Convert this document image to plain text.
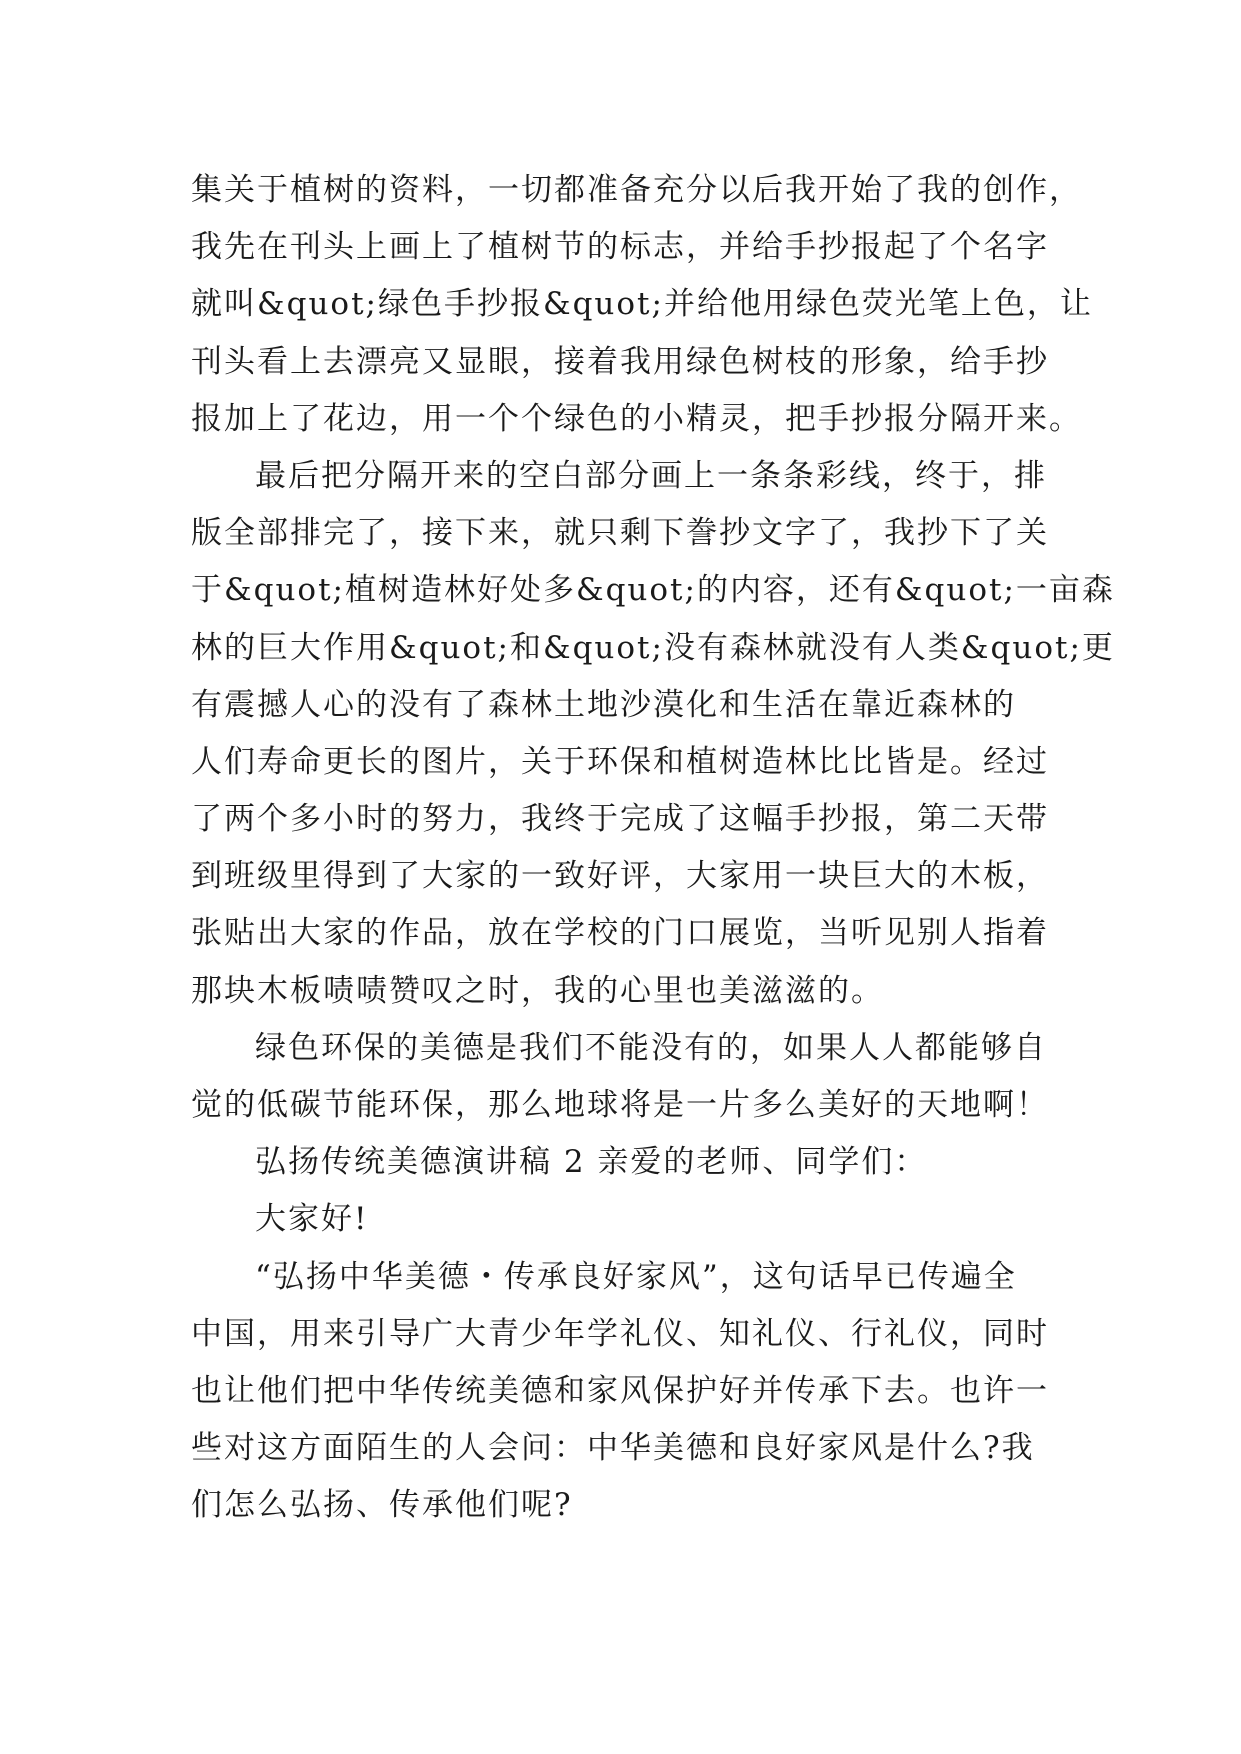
集关于植树的资料，一切都准备充分以后我开始了我的创作，
我先在刊头上画上了植树节的标志，并给手抄报起了个名字
就叫&quot;绿色手抄报&quot;并给他用绿色荧光笔上色，让
刊头看上去漂亮又显眼，接着我用绿色树枝的形象，给手抄
报加上了花边，用一个个绿色的小精灵，把手抄报分隔开来。
最后把分隔开来的空白部分画上一条条彩线，终于，排
版全部排完了，接下来，就只剩下誊抄文字了，我抄下了关
于&quot;植树造林好处多&quot;的内容，还有&quot;一亩森
林的巨大作用&quot;和&quot;没有森林就没有人类&quot;更
有震撼人心的没有了森林土地沙漠化和生活在靠近森林的
人们寿命更长的图片，关于环保和植树造林比比皆是。经过
了两个多小时的努力，我终于完成了这幅手抄报，第二天带
到班级里得到了大家的一致好评，大家用一块巨大的木板，
张贴出大家的作品，放在学校的门口展览，当听见别人指着
那块木板啧啧赞叹之时，我的心里也美滋滋的。
绿色环保的美德是我们不能没有的，如果人人都能够自
觉的低碳节能环保，那么地球将是一片多么美好的天地啊！
弘扬传统美德演讲稿 2 亲爱的老师、同学们：
大家好!
“弘扬中华美德・传承良好家风”，这句话早已传遍全
中国，用来引导广大青少年学礼仪、知礼仪、行礼仪，同时
也让他们把中华传统美德和家风保护好并传承下去。也许一
些对这方面陌生的人会问：中华美德和良好家风是什么?我
们怎么弘扬、传承他们呢?
